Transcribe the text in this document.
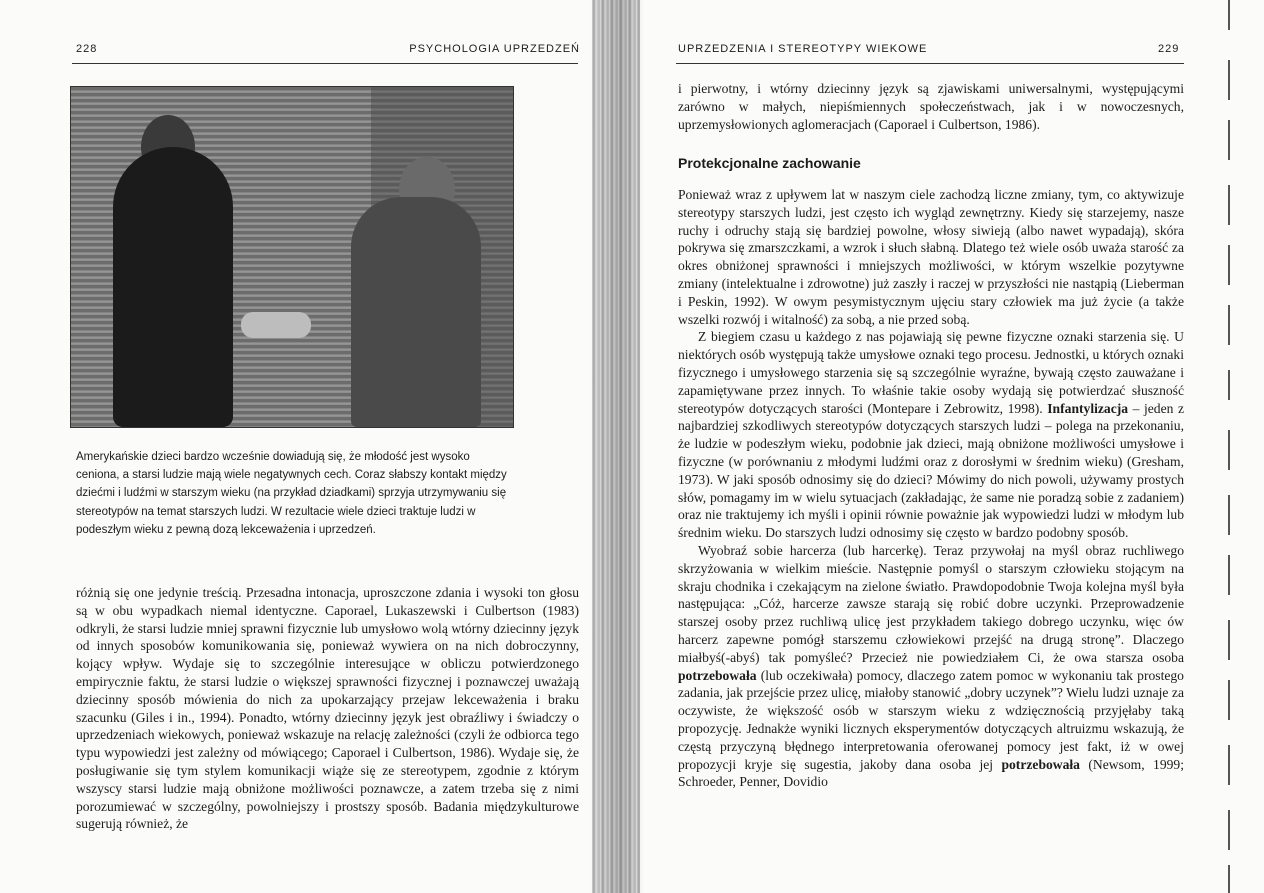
228	PSYCHOLOGIA UPRZEDZEŃ
Amerykańskie dzieci bardzo wcześnie dowiadują się, że młodość jest wysoko ceniona, a starsi ludzie mają wiele negatywnych cech. Coraz słabszy kontakt między dziećmi i ludźmi w starszym wieku (na przykład dziadkami) sprzyja utrzymywaniu się stereotypów na temat starszych ludzi. W rezultacie wiele dzieci traktuje ludzi w podeszłym wieku z pewną dozą lekceważenia i uprzedzeń.

różnią się one jedynie treścią. Przesadna intonacja, uproszczone zdania i wysoki ton głosu są w obu wypadkach niemal identyczne. Caporael, Lukaszewski i Culbertson (1983) odkryli, że starsi ludzie mniej sprawni fizycznie lub umysłowo wolą wtórny dziecinny język od innych sposobów komunikowania się, ponieważ wywiera on na nich dobroczynny, kojący wpływ. Wydaje się to szczególnie interesujące w obliczu potwierdzonego empirycznie faktu, że starsi ludzie o większej sprawności fizycznej i poznawczej uważają dziecinny sposób mówienia do nich za upokarzający przejaw lekceważenia i braku szacunku (Giles i in., 1994). Ponadto, wtórny dziecinny język jest obraźliwy i świadczy o uprzedzeniach wiekowych, ponieważ wskazuje na relację zależności (czyli że odbiorca tego typu wypowiedzi jest zależny od mówiącego; Caporael i Culbertson, 1986). Wydaje się, że posługiwanie się tym stylem komunikacji wiąże się ze stereotypem, zgodnie z którym wszyscy starsi ludzie mają obniżone możliwości poznawcze, a zatem trzeba się z nimi porozumiewać w szczególny, powolniejszy i prostszy sposób. Badania międzykulturowe sugerują również, że

UPRZEDZENIA I STEREOTYPY WIEKOWE	229

i pierwotny, i wtórny dziecinny język są zjawiskami uniwersalnymi, występującymi zarówno w małych, niepiśmiennych społeczeństwach, jak i w nowoczesnych, uprzemysłowionych aglomeracjach (Caporael i Culbertson, 1986).

Protekcjonalne zachowanie

Ponieważ wraz z upływem lat w naszym ciele zachodzą liczne zmiany, tym, co aktywizuje stereotypy starszych ludzi, jest często ich wygląd zewnętrzny. Kiedy się starzejemy, nasze ruchy i odruchy stają się bardziej powolne, włosy siwieją (albo nawet wypadają), skóra pokrywa się zmarszczkami, a wzrok i słuch słabną. Dlatego też wiele osób uważa starość za okres obniżonej sprawności i mniejszych możliwości, w którym wszelkie pozytywne zmiany (intelektualne i zdrowotne) już zaszły i raczej w przyszłości nie nastąpią (Lieberman i Peskin, 1992). W owym pesymistycznym ujęciu stary człowiek ma już życie (a także wszelki rozwój i witalność) za sobą, a nie przed sobą.

Z biegiem czasu u każdego z nas pojawiają się pewne fizyczne oznaki starzenia się. U niektórych osób występują także umysłowe oznaki tego procesu. Jednostki, u których oznaki fizycznego i umysłowego starzenia się są szczególnie wyraźne, bywają często zauważane i zapamiętywane przez innych. To właśnie takie osoby wydają się potwierdzać słuszność stereotypów dotyczących starości (Montepare i Zebrowitz, 1998). Infantylizacja – jeden z najbardziej szkodliwych stereotypów dotyczących starszych ludzi – polega na przekonaniu, że ludzie w podeszłym wieku, podobnie jak dzieci, mają obniżone możliwości umysłowe i fizyczne (w porównaniu z młodymi ludźmi oraz z dorosłymi w średnim wieku) (Gresham, 1973). W jaki sposób odnosimy się do dzieci? Mówimy do nich powoli, używamy prostych słów, pomagamy im w wielu sytuacjach (zakładając, że same nie poradzą sobie z zadaniem) oraz nie traktujemy ich myśli i opinii równie poważnie jak wypowiedzi ludzi w młodym lub średnim wieku. Do starszych ludzi odnosimy się często w bardzo podobny sposób.

Wyobraź sobie harcerza (lub harcerkę). Teraz przywołaj na myśl obraz ruchliwego skrzyżowania w wielkim mieście. Następnie pomyśl o starszym człowieku stojącym na skraju chodnika i czekającym na zielone światło. Prawdopodobnie Twoja kolejna myśl była następująca: „Cóż, harcerze zawsze starają się robić dobre uczynki. Przeprowadzenie starszej osoby przez ruchliwą ulicę jest przykładem takiego dobrego uczynku, więc ów harcerz zapewne pomógł starszemu człowiekowi przejść na drugą stronę”. Dlaczego miałbyś(-abyś) tak pomyśleć? Przecież nie powiedziałem Ci, że owa starsza osoba potrzebowała (lub oczekiwała) pomocy, dlaczego zatem pomoc w wykonaniu tak prostego zadania, jak przejście przez ulicę, miałoby stanowić „dobry uczynek”? Wielu ludzi uznaje za oczywiste, że większość osób w starszym wieku z wdzięcznością przyjęłaby taką propozycję. Jednakże wyniki licznych eksperymentów dotyczących altruizmu wskazują, że częstą przyczyną błędnego interpretowania oferowanej pomocy jest fakt, iż w owej propozycji kryje się sugestia, jakoby dana osoba jej potrzebowała (Newsom, 1999; Schroeder, Penner, Dovidio
